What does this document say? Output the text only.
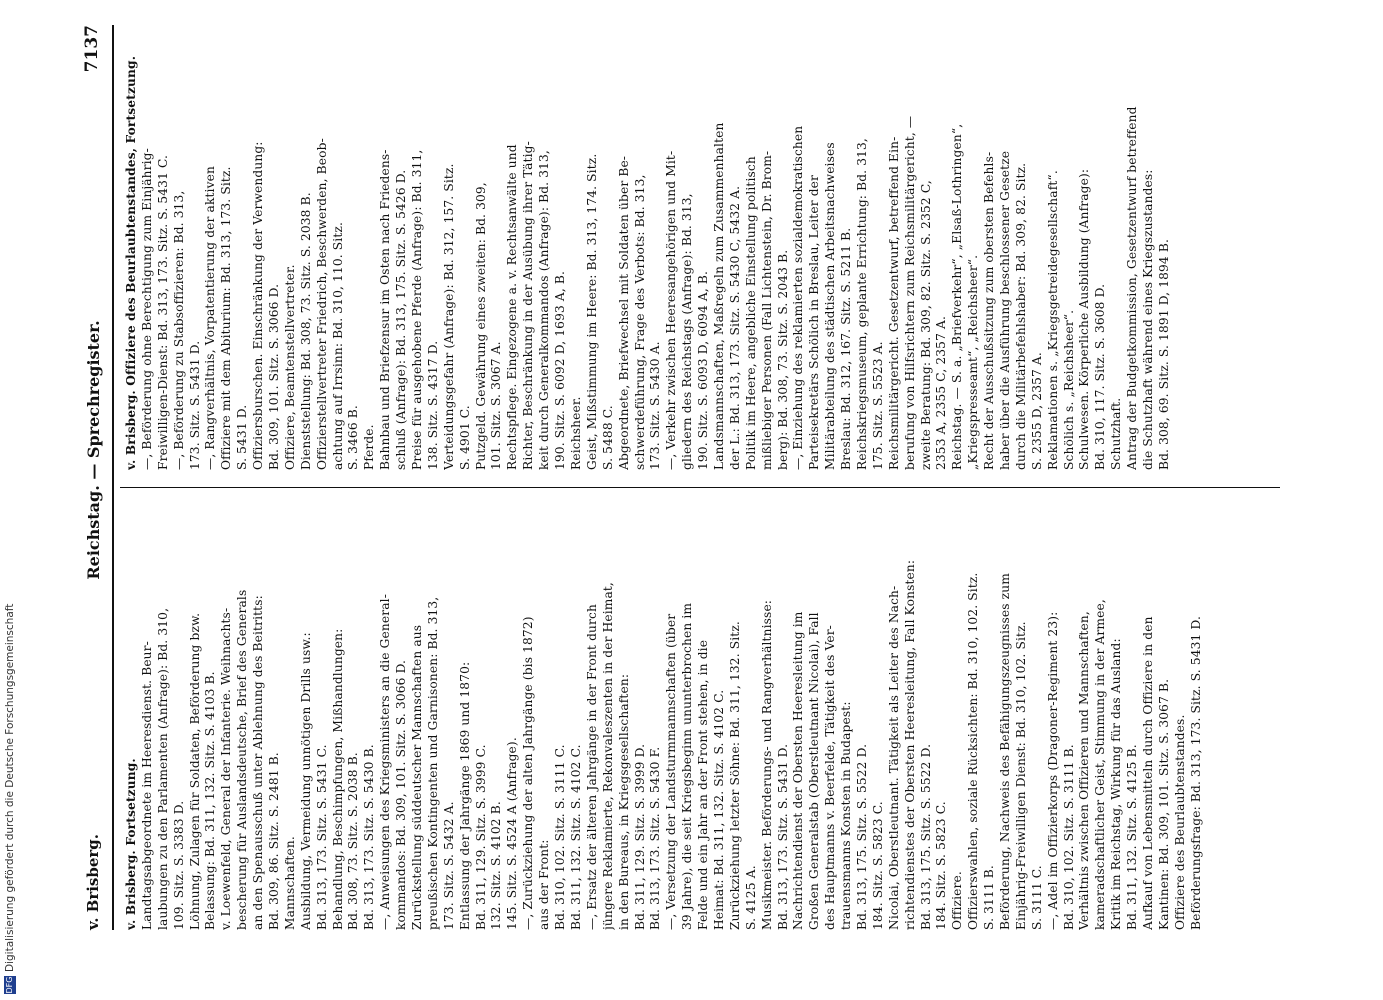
v. Brisberg.
Reichstag. — Sprechregister.
7137
v. Brisberg. Fortsetzung. Landtagsabgeordnete im Heeresdienst. Beur- laubungen zu den Parlamenten (Anfrage): Bd. 310, 109. Sitz. S. 3383 D. Löhnung, Zulagen für Soldaten, Beförderung bzw. Belassung: Bd. 311, 132. Sitz. S. 4103 B. v. Loewenfeld, General der Infanterie. Weihnachts- bescherung für Auslandsdeutsche, Brief des Generals an den Spenausschuß unter Ablehnung des Beitritts: Bd. 309, 86. Sitz. S. 2481 B. Mannschaften. Ausbildung, Vermeidung unnötigen Drills usw.: Bd. 313, 173. Sitz. S. 5431 C. Behandlung, Beschimpfungen, Mißhandlungen: Bd. 308, 73. Sitz. S. 2038 B. Bd. 313, 173. Sitz. S. 5430 B. —, Anweisungen des Kriegsministers an die General- kommandos: Bd. 309, 101. Sitz. S. 3066 D. Zurückstellung süddeutscher Mannschaften aus preußischen Kontingenten und Garnisonen: Bd. 313, 173. Sitz. S. 5432 A. Entlassung der Jahrgänge 1869 und 1870: Bd. 311, 129. Sitz. S. 3999 C. 132. Sitz. S. 4102 B. 145. Sitz. S. 4524 A (Anfrage). —, Zurückziehung der alten Jahrgänge (bis 1872) aus der Front: Bd. 310, 102. Sitz. S. 3111 C. Bd. 311, 132. Sitz. S. 4102 C. —, Ersatz der älteren Jahrgänge in der Front durch jüngere Reklamierte, Rekonvaleszenten in der Heimat, in den Bureaus, in Kriegsgesellschaften: Bd. 311, 129. Sitz. S. 3999 D. Bd. 313, 173. Sitz. S. 5430 F. —, Versetzung der Landsturmmannschaften (über 39 Jahre), die seit Kriegsbeginn ununterbrochen im Felde und ein Jahr an der Front stehen, in die Heimat: Bd. 311, 132. Sitz. S. 4102 C. Zurückziehung letzter Söhne: Bd. 311, 132. Sitz. S. 4125 A. Musikmeister. Beförderungs- und Rangverhältnisse: Bd. 313, 173. Sitz. S. 5431 D. Nachrichtendienst der Obersten Heeresleitung im Großen Generalstab (Oberstleutnant Nicolai), Fall des Hauptmanns v. Beerfelde, Tätigkeit des Ver- trauensmanns Konsten in Budapest: Bd. 313, 175. Sitz. S. 5522 D. 184. Sitz. S. 5823 C. Nicolai, Oberstleutnant. Tätigkeit als Leiter des Nach- richtendienstes der Obersten Heeresleitung, Fall Konsten: Bd. 313, 175. Sitz. S. 5522 D. 184. Sitz. S. 5823 C. Offiziere. Offizierswahlen, soziale Rücksichten: Bd. 310, 102. Sitz. S. 3111 B. Beförderung, Nachweis des Befähigungszeugnisses zum Einjährig-Freiwilligen Dienst: Bd. 310, 102. Sitz. S. 3111 C. —, Adel im Offizierkorps (Dragoner-Regiment 23): Bd. 310, 102. Sitz. S. 3111 B. Verhältnis zwischen Offizieren und Mannschaften, kameradschaftlicher Geist, Stimmung in der Armee, Kritik im Reichstag, Wirkung für das Ausland: Bd. 311, 132. Sitz. S. 4125 B. Aufkauf von Lebensmitteln durch Offiziere in den Kantinen: Bd. 309, 101. Sitz. S. 3067 B. Offiziere des Beurlaubtenstandes. Beförderungsfrage: Bd. 313, 173. Sitz. S. 5431 D.
v. Brisberg. Offiziere des Beurlaubtenstandes, Fortsetzung. —, Beförderung ohne Berechtigung zum Einjährig- Freiwilligen-Dienst: Bd. 313, 173. Sitz. S. 5431 C. —, Beförderung zu Stabsoffizieren: Bd. 313, 173. Sitz. S. 5431 D. —, Rangverhältnis, Vorpatentierung der aktiven Offiziere mit dem Abiturium: Bd. 313, 173. Sitz. S. 5431 D. Offiziersburschen. Einschränkung der Verwendung: Bd. 309, 101. Sitz. S. 3066 D. Offiziere, Beamtenstellvertreter. Dienststellung: Bd. 308, 73. Sitz. S. 2038 B. Offizierstellvertreter Friedrich, Beschwerden, Beob- achtung auf Irrsinn: Bd. 310, 110. Sitz. S. 3466 B. Pferde. Bahnbau und Briefzensur im Osten nach Friedens- schluß (Anfrage): Bd. 313, 175. Sitz. S. 5426 D. Preise für ausgehobene Pferde (Anfrage): Bd. 311, 138. Sitz. S. 4317 D. Verteidungsgefahr (Anfrage): Bd. 312, 157. Sitz. S. 4901 C. Putzgeld. Gewährung eines zweiten: Bd. 309, 101. Sitz. S. 3067 A. Rechtspflege. Eingezogene a. v. Rechtsanwälte und Richter, Beschränkung in der Ausübung ihrer Tätig- keit durch Generalkommandos (Anfrage): Bd. 313, 190. Sitz. S. 6092 D, 1693 A, B. Reichsheer. Geist, Mißstimmung im Heere: Bd. 313, 174. Sitz. S. 5488 C. Abgeordnete, Briefwechsel mit Soldaten über Be- schwerdeführung, Frage des Verbots: Bd. 313, 173. Sitz. S. 5430 A. —, Verkehr zwischen Heeresangehörigen und Mit- gliedern des Reichstags (Anfrage): Bd. 313, 190. Sitz. S. 6093 D, 6094 A, B. Landsmannschaften, Maßregeln zum Zusammenhalten der L.: Bd. 313, 173. Sitz. S. 5430 C, 5432 A. Politik im Heere, angebliche Einstellung politisch mißliebiger Personen (Fall Lichtenstein, Dr. Brom- berg): Bd. 308, 73. Sitz. S. 2043 B. —, Einziehung des reklamierten sozialdemokratischen Parteisekretärs Schölich in Breslau, Leiter der Militärabteilung des städtischen Arbeitsnachweises Breslau: Bd. 312, 167. Sitz. S. 5211 B. Reichskriegsmuseum, geplante Errichtung: Bd. 313, 175. Sitz. S. 5523 A. Reichsmilitärgericht. Gesetzentwurf, betreffend Ein- berufung von Hilfsrichtern zum Reichsmilitärgericht, — zweite Beratung: Bd. 309, 82. Sitz. S. 2352 C, 2353 A, 2355 C, 2357 A. Reichstag. — S. a. „Briefverkehr“, „Elsaß-Lothringen“, „Kriegspresseamt“, „Reichsheer“. Recht der Ausschußsitzung zum obersten Befehls- haber über die Ausführung beschlossener Gesetze durch die Militärbefehlshaber: Bd. 309, 82. Sitz. S. 2355 D, 2357 A. Reklamationen s. „Kriegsgetreidegesellschaft“. Schölich s. „Reichsheer“. Schulwesen. Körperliche Ausbildung (Anfrage): Bd. 310, 117. Sitz. S. 3608 D. Schutzhaft. Antrag der Budgetkommission, Gesetzentwurf betreffend die Schutzhaft während eines Kriegszustandes: Bd. 308, 69. Sitz. S. 1891 D, 1894 B.
DFG
Digitalisierung gefördert durch die Deutsche Forschungsgemeinschaft
